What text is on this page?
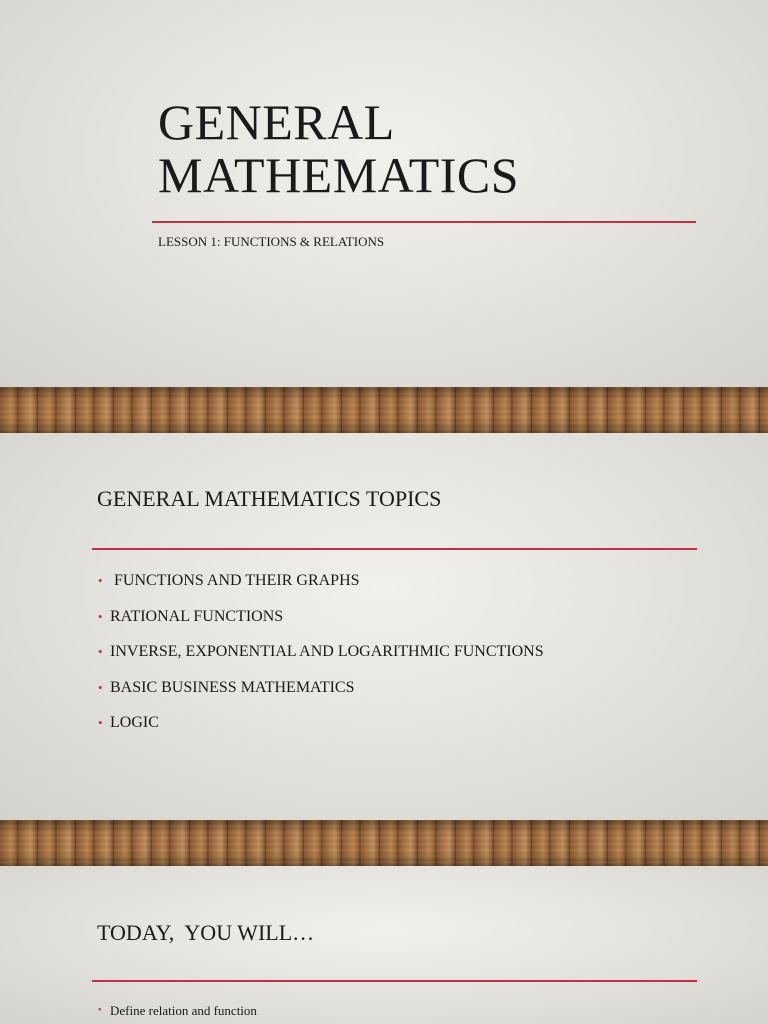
GENERAL
MATHEMATICS

LESSON 1: FUNCTIONS & RELATIONS

GENERAL MATHEMATICS TOPICS
• FUNCTIONS AND THEIR GRAPHS
• RATIONAL FUNCTIONS
• INVERSE, EXPONENTIAL AND LOGARITHMIC FUNCTIONS
• BASIC BUSINESS MATHEMATICS
• LOGIC
TODAY,  YOU WILL…
• Define relation and function
